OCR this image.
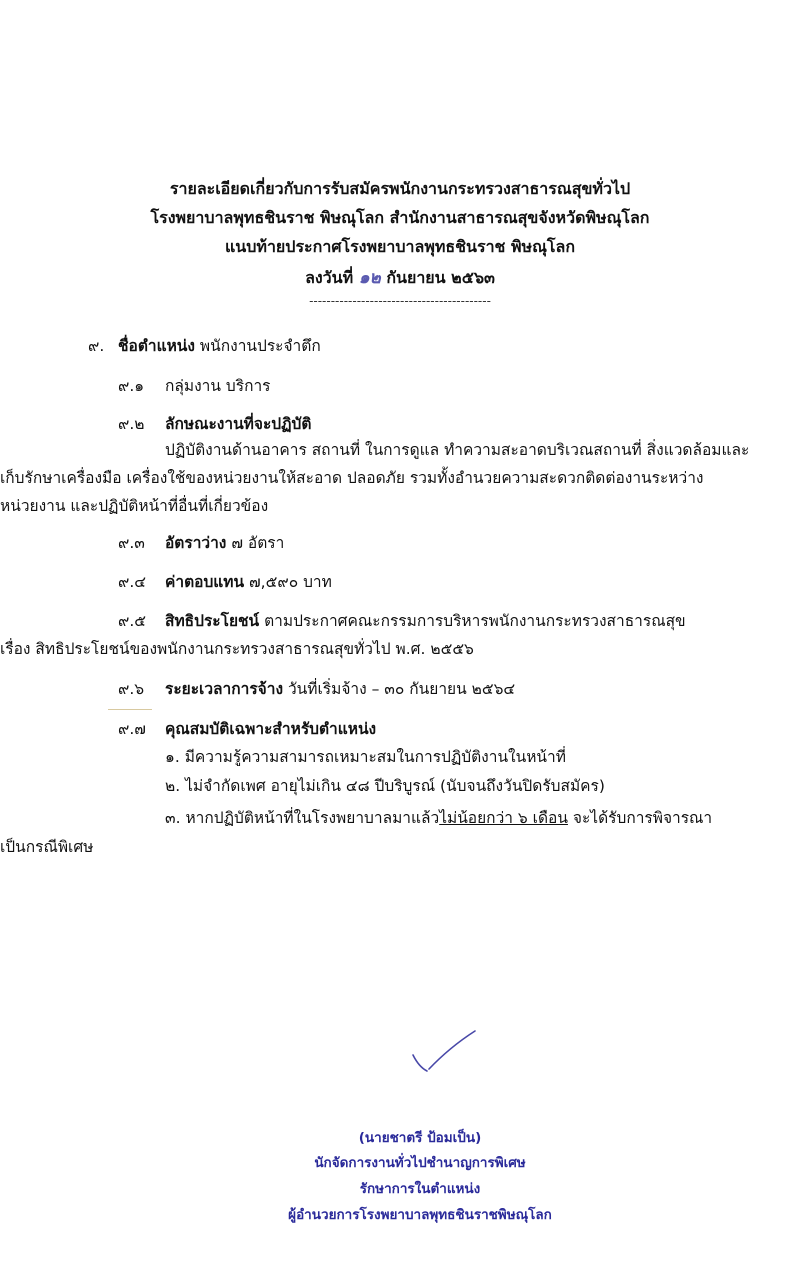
รายละเอียดเกี่ยวกับการรับสมัครพนักงานกระทรวงสาธารณสุขทั่วไป
โรงพยาบาลพุทธชินราช พิษณุโลก สำนักงานสาธารณสุขจังหวัดพิษณุโลก
แนบท้ายประกาศโรงพยาบาลพุทธชินราช พิษณุโลก
ลงวันที่ ๑๒ กันยายน ๒๕๖๓
------------------------------------------
๙. ชื่อตำแหน่ง พนักงานประจำตึก
๙.๑ กลุ่มงาน บริการ
๙.๒ ลักษณะงานที่จะปฏิบัติ
ปฏิบัติงานด้านอาคาร สถานที่ ในการดูแล ทำความสะอาดบริเวณสถานที่ สิ่งแวดล้อมและ
เก็บรักษาเครื่องมือ เครื่องใช้ของหน่วยงานให้สะอาด ปลอดภัย รวมทั้งอำนวยความสะดวกติดต่องานระหว่าง
หน่วยงาน และปฏิบัติหน้าที่อื่นที่เกี่ยวข้อง
๙.๓ อัตราว่าง ๗ อัตรา
๙.๔ ค่าตอบแทน ๗,๕๙๐ บาท
๙.๕ สิทธิประโยชน์ ตามประกาศคณะกรรมการบริหารพนักงานกระทรวงสาธารณสุข
เรื่อง สิทธิประโยชน์ของพนักงานกระทรวงสาธารณสุขทั่วไป พ.ศ. ๒๕๕๖
๙.๖ ระยะเวลาการจ้าง วันที่เริ่มจ้าง – ๓๐ กันยายน ๒๕๖๔
๙.๗ คุณสมบัติเฉพาะสำหรับตำแหน่ง
๑. มีความรู้ความสามารถเหมาะสมในการปฏิบัติงานในหน้าที่
๒. ไม่จำกัดเพศ อายุไม่เกิน ๔๘ ปีบริบูรณ์ (นับจนถึงวันปิดรับสมัคร)
๓. หากปฏิบัติหน้าที่ในโรงพยาบาลมาแล้วไม่น้อยกว่า ๖ เดือน จะได้รับการพิจารณา
เป็นกรณีพิเศษ
(นายชาตรี ป้อมเป็น)
นักจัดการงานทั่วไปชำนาญการพิเศษ
รักษาการในตำแหน่ง
ผู้อำนวยการโรงพยาบาลพุทธชินราชพิษณุโลก
